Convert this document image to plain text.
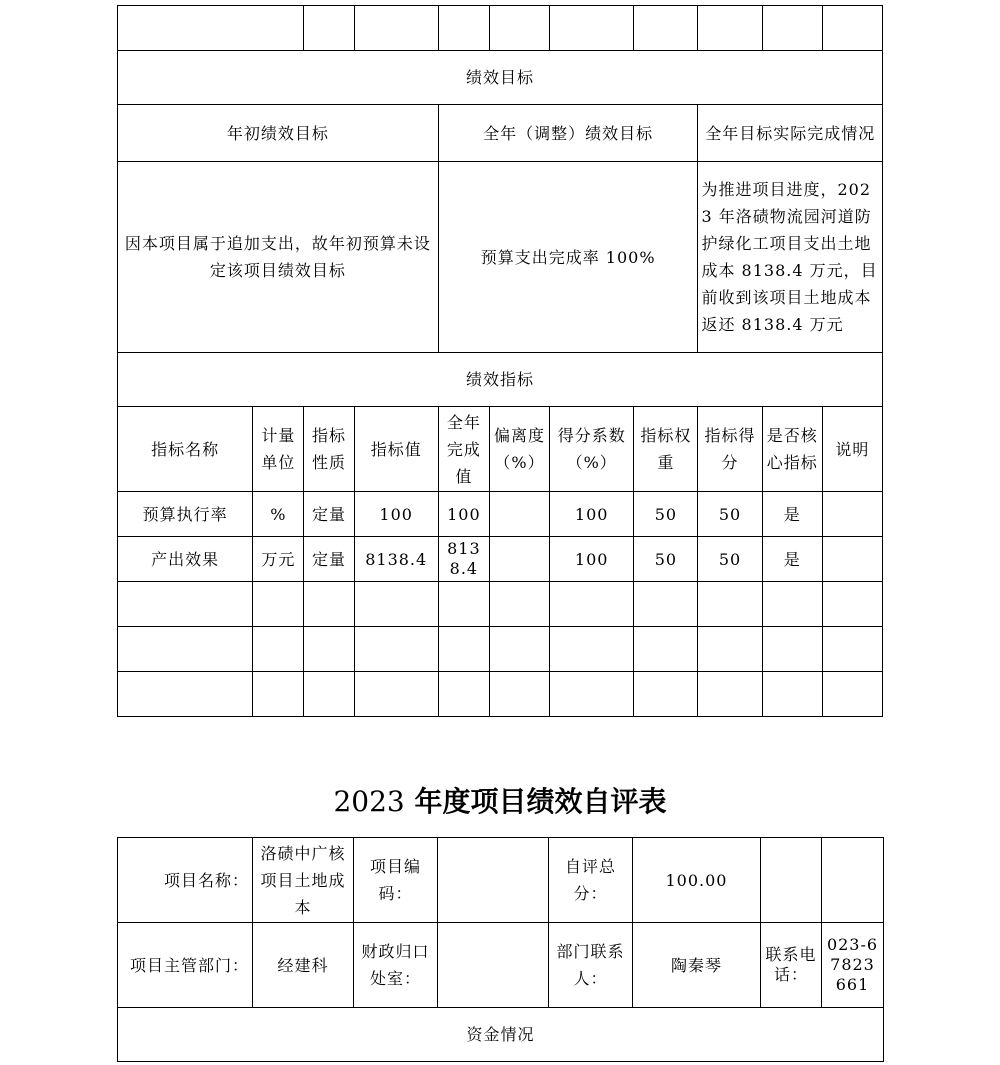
绩效目标										
年初绩效目标				全年（调整）绩效目标				全年目标实际完成情况		
因本项目属于追加支出，故年初预算未设定该项目绩效目标				预算支出完成率 100%				为推进项目进度，2023 年洛碛物流园河道防护绿化工项目支出土地成本 8138.4 万元，目前收到该项目土地成本返还 8138.4 万元		
绩效指标										
指标名称	计量单位	指标性质	指标值	全年完成值	偏离度（%）	得分系数（%）	指标权重	指标得分	是否核心指标	说明
预算执行率	%	定量	100	100		100	50	50	是	
产出效果	万元	定量	8138.4	8138.4		100	50	50	是	

2023 年度项目绩效自评表
项目名称：	洛碛中广核项目土地成本	项目编码：		自评总分：	100.00		
项目主管部门：	经建科	财政归口处室：		部门联系人：	陶秦琴	联系电话：	023-67823661
资金情况							
